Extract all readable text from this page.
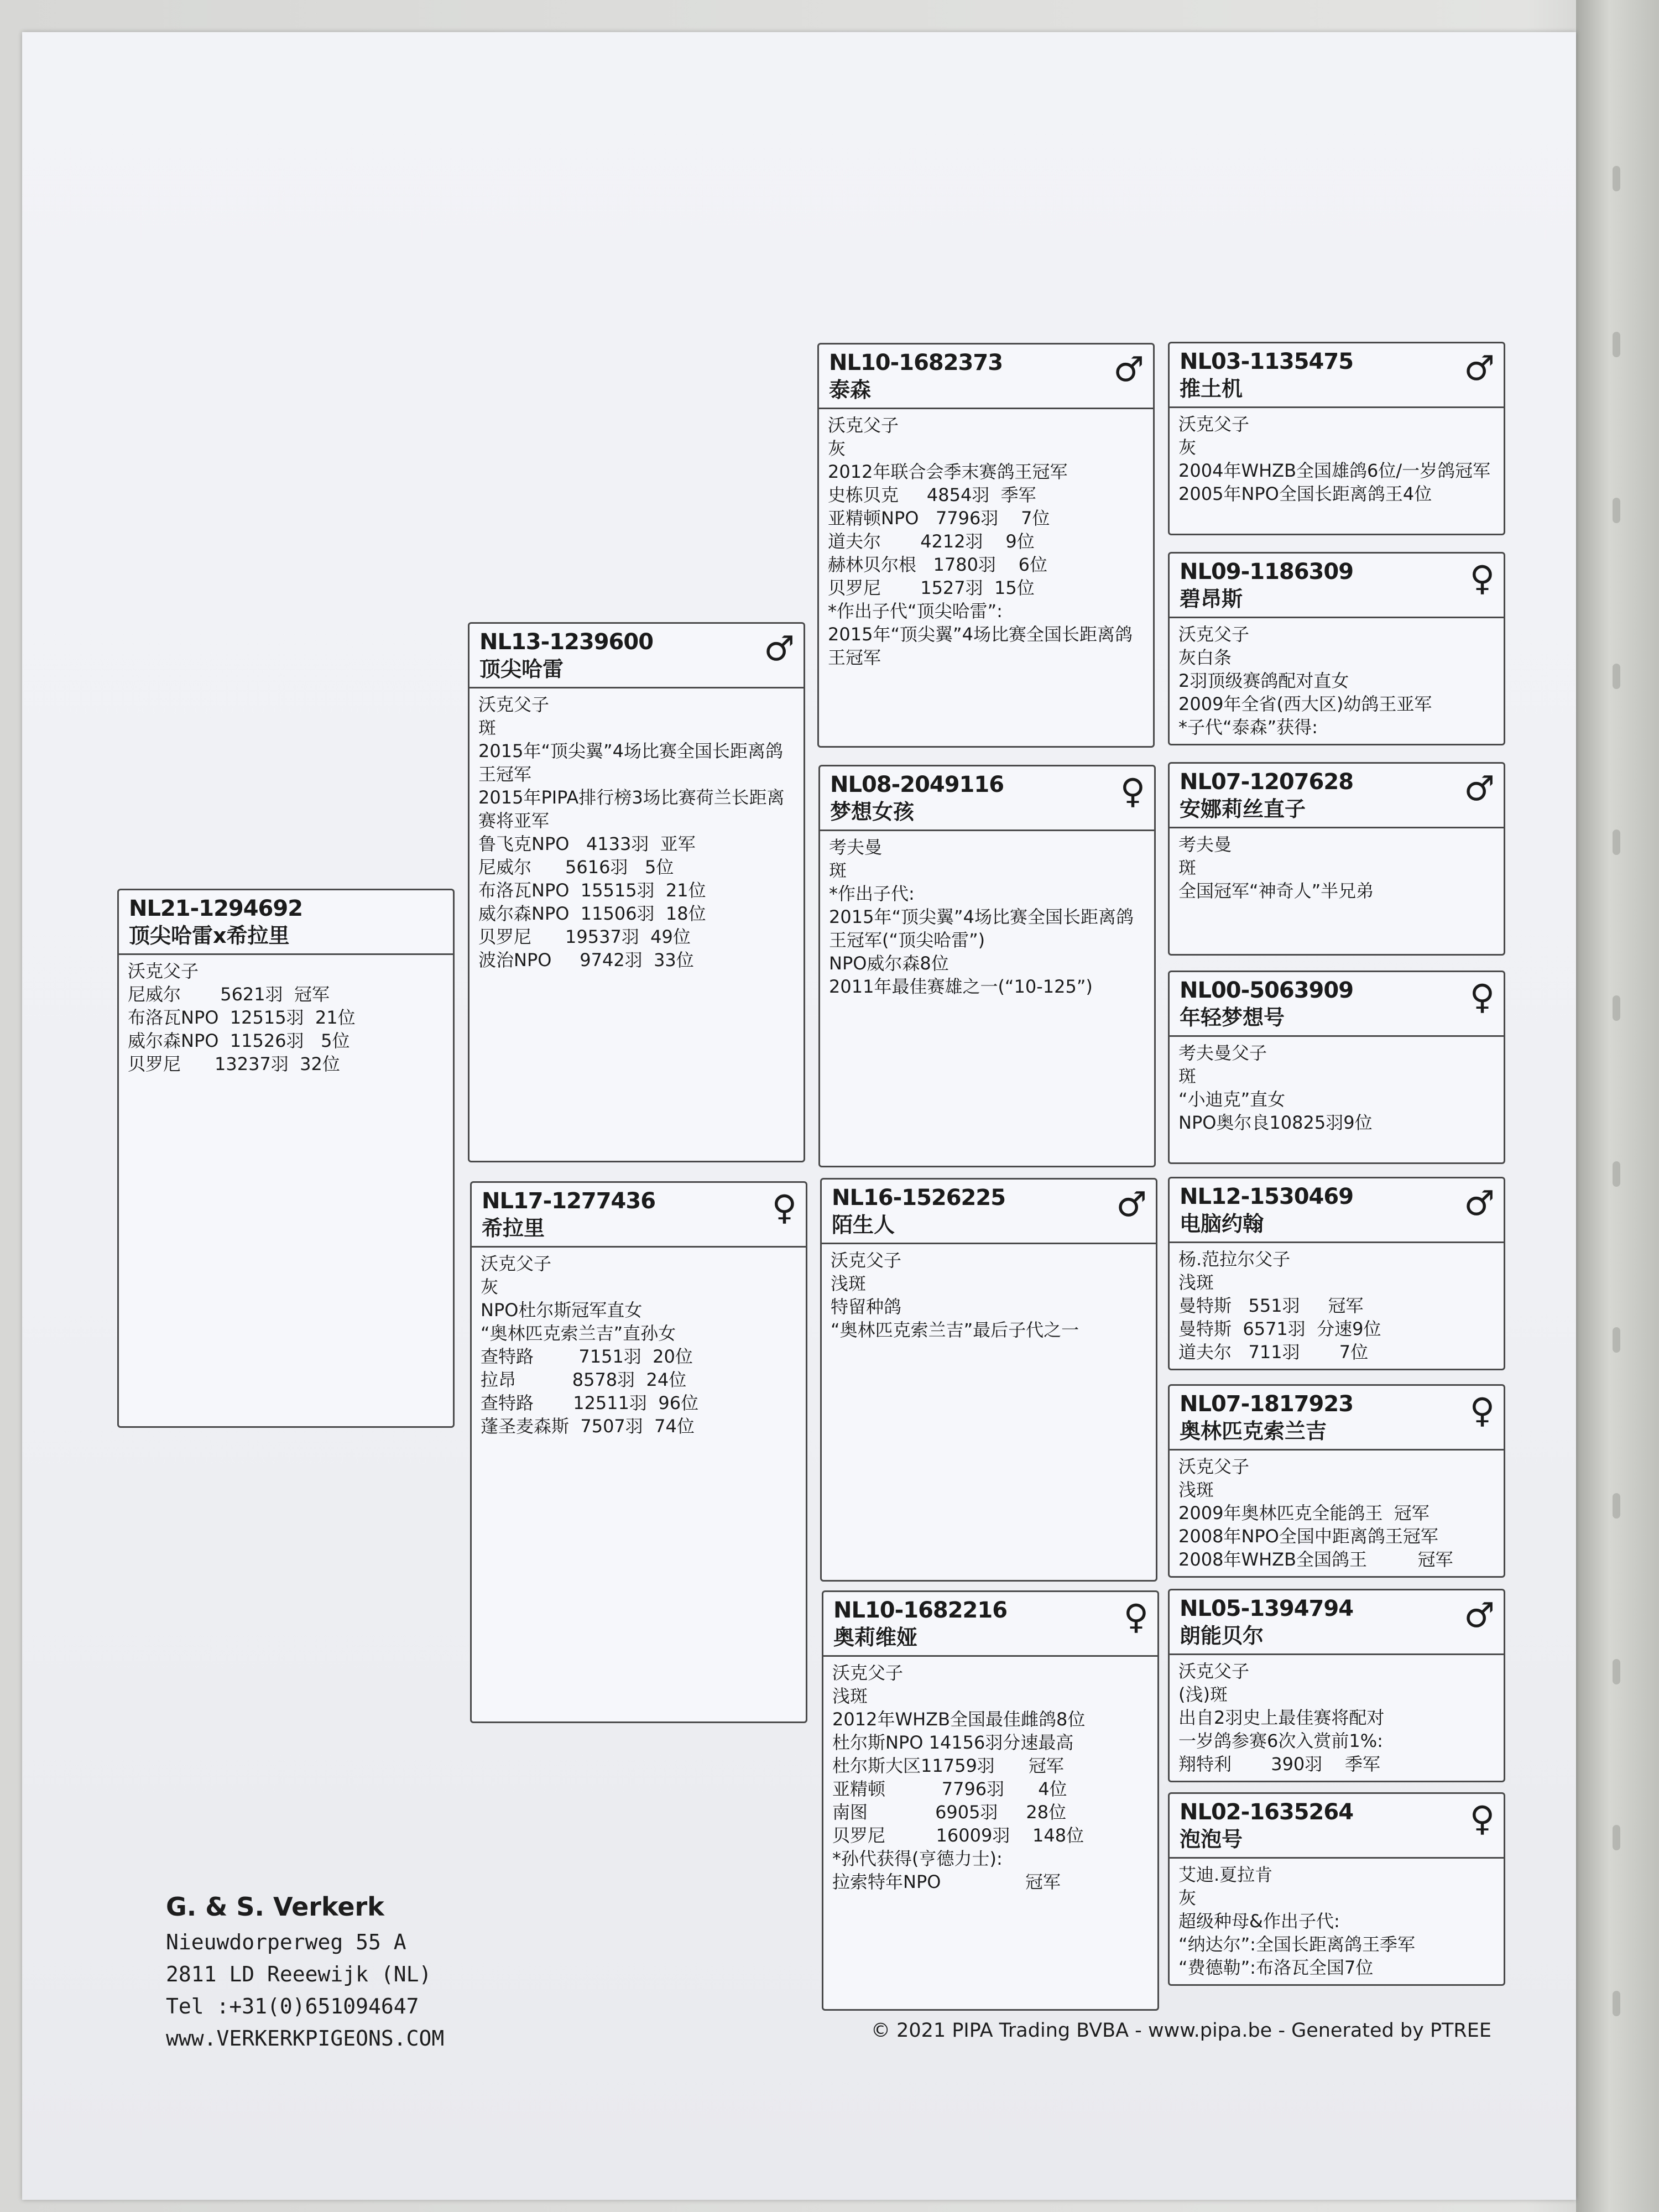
NL21-1294692
顶尖哈雷x希拉里
沃克父子
尼威尔       5621羽  冠军
布洛瓦NPO  12515羽  21位
威尔森NPO  11526羽   5位
贝罗尼      13237羽  32位
NL13-1239600
顶尖哈雷
♂
沃克父子
斑
2015年“顶尖翼”4场比赛全国长距离鸽王冠军
2015年PIPA排行榜3场比赛荷兰长距离赛将亚军
鲁飞克NPO   4133羽  亚军
尼威尔      5616羽   5位
布洛瓦NPO  15515羽  21位
威尔森NPO  11506羽  18位
贝罗尼      19537羽  49位
波治NPO     9742羽  33位
NL17-1277436
希拉里
♀
沃克父子
灰
NPO杜尔斯冠军直女
“奥林匹克索兰吉”直孙女
查特路        7151羽  20位
拉昂          8578羽  24位
查特路       12511羽  96位
蓬圣麦森斯  7507羽  74位
NL10-1682373
泰森
♂
沃克父子
灰
2012年联合会季末赛鸽王冠军
史栋贝克     4854羽  季军
亚精顿NPO   7796羽    7位
道夫尔       4212羽    9位
赫林贝尔根   1780羽    6位
贝罗尼       1527羽  15位
*作出子代“顶尖哈雷”:
2015年“顶尖翼”4场比赛全国长距离鸽王冠军
NL08-2049116
梦想女孩
♀
考夫曼
斑
*作出子代:
2015年“顶尖翼”4场比赛全国长距离鸽王冠军(“顶尖哈雷”)
NPO威尔森8位
2011年最佳赛雄之一(“10-125”)
NL16-1526225
陌生人
♂
沃克父子
浅斑
特留种鸽
“奥林匹克索兰吉”最后子代之一
NL10-1682216
奥莉维娅
♀
沃克父子
浅斑
2012年WHZB全国最佳雌鸽8位
杜尔斯NPO 14156羽分速最高
杜尔斯大区11759羽      冠军
亚精顿          7796羽      4位
南图            6905羽     28位
贝罗尼         16009羽    148位
*孙代获得(亨德力士):
拉索特年NPO               冠军
NL03-1135475
推土机
♂
沃克父子
灰
2004年WHZB全国雄鸽6位/一岁鸽冠军
2005年NPO全国长距离鸽王4位
NL09-1186309
碧昂斯
♀
沃克父子
灰白条
2羽顶级赛鸽配对直女
2009年全省(西大区)幼鸽王亚军
*子代“泰森”获得:
NL07-1207628
安娜莉丝直子
♂
考夫曼
斑
全国冠军“神奇人”半兄弟
NL00-5063909
年轻梦想号
♀
考夫曼父子
斑
“小迪克”直女
NPO奥尔良10825羽9位
NL12-1530469
电脑约翰
♂
杨.范拉尔父子
浅斑
曼特斯   551羽     冠军
曼特斯  6571羽  分速9位
道夫尔   711羽       7位
NL07-1817923
奥林匹克索兰吉
♀
沃克父子
浅斑
2009年奥林匹克全能鸽王  冠军
2008年NPO全国中距离鸽王冠军
2008年WHZB全国鸽王         冠军
NL05-1394794
朗能贝尔
♂
沃克父子
(浅)斑
出自2羽史上最佳赛将配对
一岁鸽参赛6次入赏前1%:
翔特利       390羽    季军
NL02-1635264
泡泡号
♀
艾迪.夏拉肯
灰
超级种母&作出子代:
“纳达尔”:全国长距离鸽王季军
“费德勒”:布洛瓦全国7位
G. & S. Verkerk
Nieuwdorperweg 55 A
2811 LD Reeewijk (NL)
Tel :+31(0)651094647
www.VERKERKPIGEONS.COM	© 2021 PIPA Trading BVBA - www.pipa.be - Generated by PTREE
